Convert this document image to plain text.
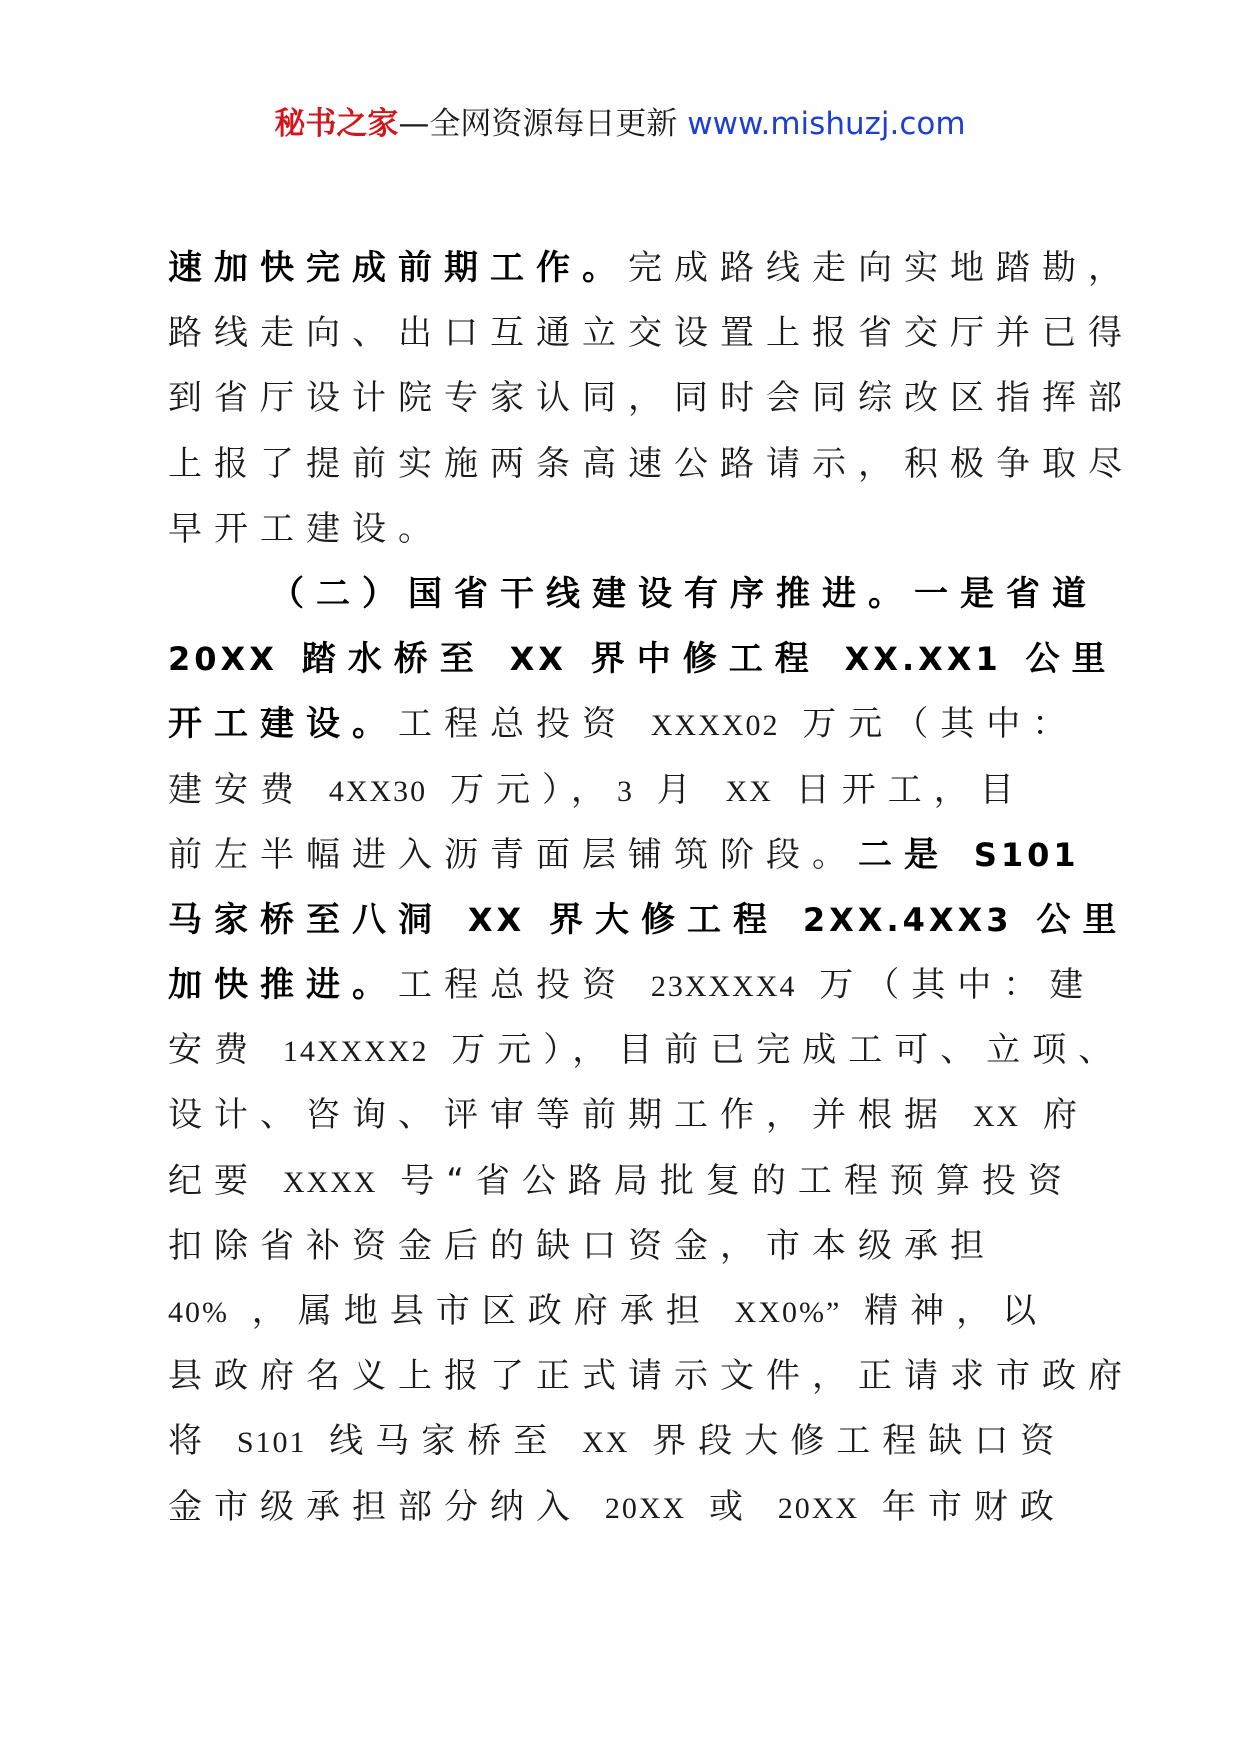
秘书之家—全网资源每日更新 www.mishuzj.com
速加快完成前期工作。完成路线走向实地踏勘，
路线走向、出口互通立交设置上报省交厅并已得
到省厅设计院专家认同，同时会同综改区指挥部
上报了提前实施两条高速公路请示，积极争取尽
早开工建设。
（二）国省干线建设有序推进。一是省道
20XX 踏水桥至 XX 界中修工程 XX.XX1 公里
开工建设。工程总投资 XXXX02 万元（其中：
建安费 4XX30 万元），3 月 XX 日开工，目
前左半幅进入沥青面层铺筑阶段。二是 S101
马家桥至八洞 XX 界大修工程 2XX.4XX3 公里
加快推进。工程总投资 23XXXX4 万（其中：建
安费 14XXXX2 万元），目前已完成工可、立项、
设计、咨询、评审等前期工作，并根据 XX 府
纪要 XXXX 号“省公路局批复的工程预算投资
扣除省补资金后的缺口资金，市本级承担
40% ，属地县市区政府承担 XX0%” 精神，以
县政府名义上报了正式请示文件，正请求市政府
将 S101 线马家桥至 XX 界段大修工程缺口资
金市级承担部分纳入 20XX 或 20XX 年市财政
